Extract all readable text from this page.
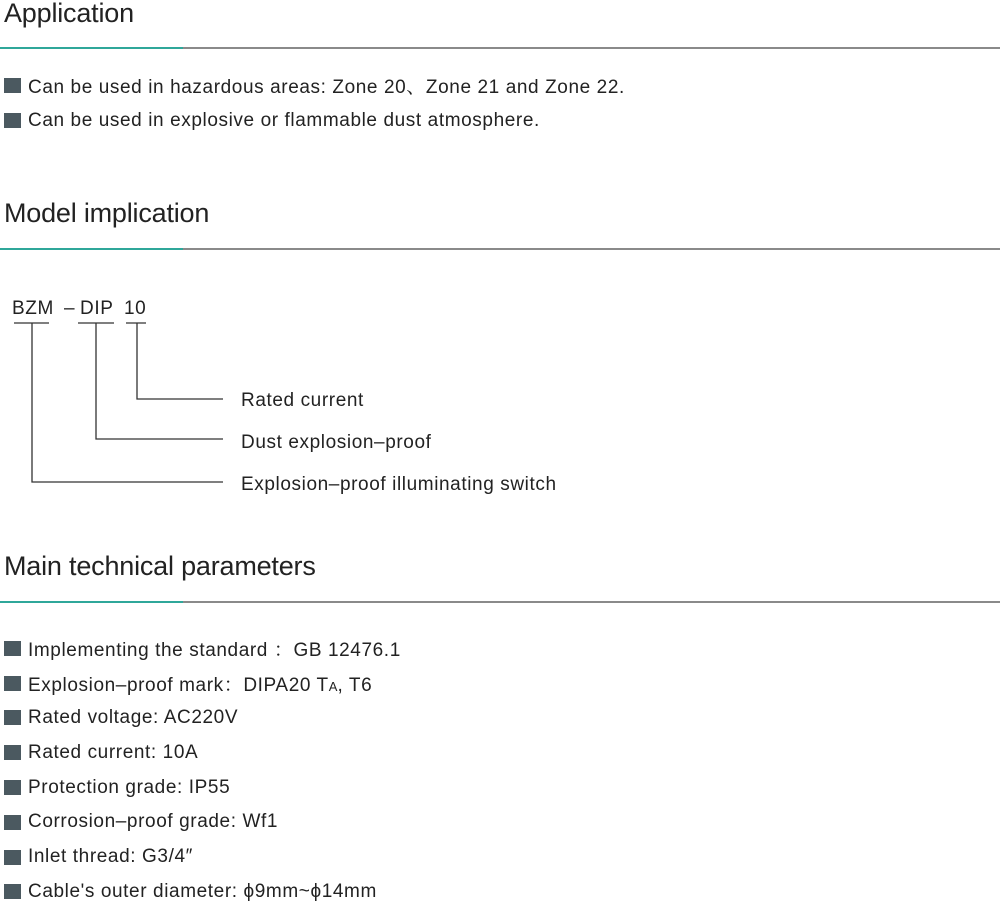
Application
Can be used in hazardous areas: Zone 20、Zone 21 and Zone 22.
Can be used in explosive or flammable dust atmosphere.
Model implication
BZM – DIP 10
Rated current
Dust explosion–proof
Explosion–proof illuminating switch
Main technical parameters
Implementing the standard ：GB 12476.1
Explosion–proof mark：DIPA20 TA, T6
Rated voltage: AC220V
Rated current: 10A
Protection grade: IP55
Corrosion–proof grade: Wf1
Inlet thread: G3/4″
Cable's outer diameter: ϕ9mm~ϕ14mm
